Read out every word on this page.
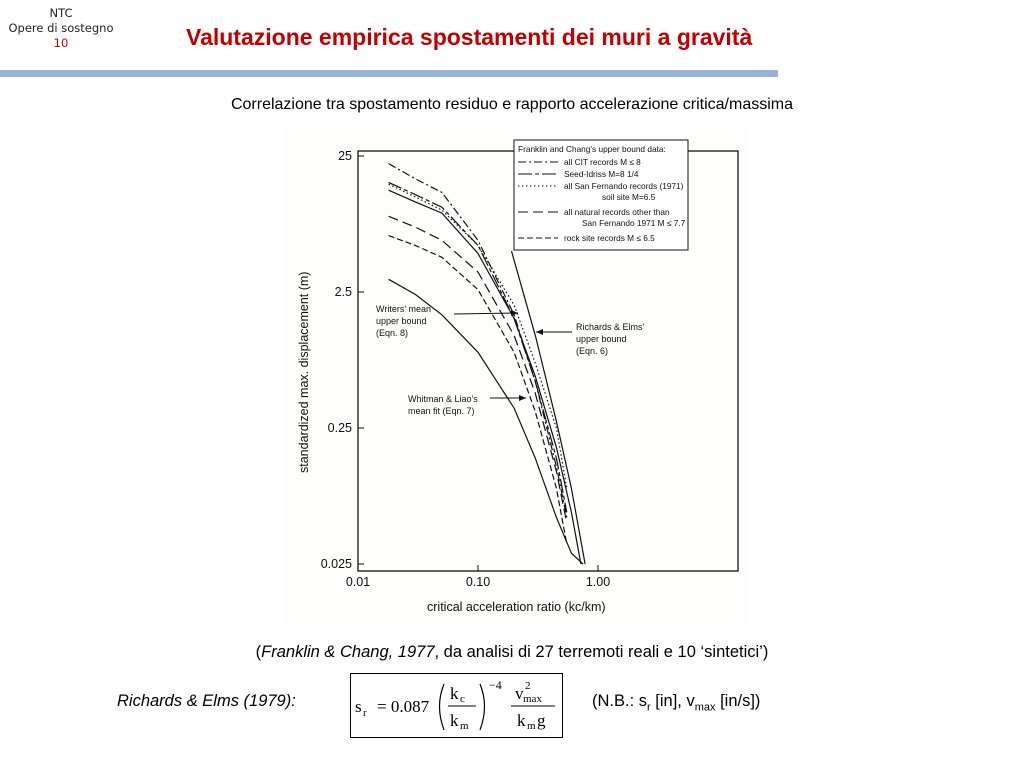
NTC
Opere di sostegno
10	Valutazione empirica spostamenti dei muri a gravità
Correlazione tra spostamento residuo e rapporto accelerazione critica/massima
25
2.5
0.25
0.025
0.01	0.10	1.00
standardized max. displacement (m)
critical acceleration ratio (kc/km)
Franklin and Chang's upper bound data:
all CIT records M ≤ 8
Seed-Idriss M=8 1/4
all San Fernando records (1971)
soil site M=6.5
all natural records other than
San Fernando 1971 M ≤ 7.7
rock site records M ≤ 6.5
Writers' mean
upper bound
(Eqn. 8)
Richards & Elms'
upper bound
(Eqn. 6)
Whitman & Liao's
mean fit (Eqn. 7)
(Franklin & Chang, 1977, da analisi di 27 terremoti reali e 10 ‘sintetici’)
Richards & Elms (1979):	s r = 0.087
k c
k m
−4 v 2
max
k m g
(N.B.: $s_r$ [in], $v_{max}$ [in/s])
